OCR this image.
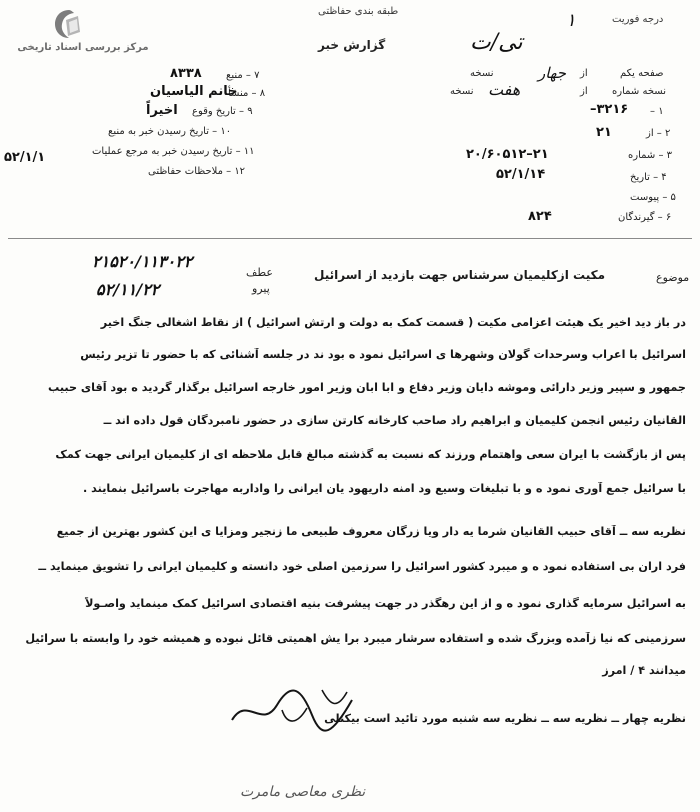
مرکز بررسی اسناد تاریخی
طبقه بندی حفاظتی
گزارش خبر
درجه فوریت
۱
تی/ت
صفحه یکم
از
جهار
نسخه
نسخه شماره
از
هفت
نسخه
۱ –
۳۲۱۶–
۲ – از
۲۱
۳ – شماره
۲۱–۲۰/۶۰۵۱۲
۴ – تاریخ
۵۲/۱/۱۴
۵ – پیوست
۶ – گیرندگان
۸۲۴
۷ – منبع
۸۳۳۸
۸ – منشأ
خانم الیاسیان
۹ – تاریخ وقوع
اخیراً
۱۰ – تاریخ رسیدن خبر به منبع
۱۱ – تاریخ رسیدن خبر به مرجع عملیات
۵۲/۱/۱
۱۲ – ملاحظات حفاظتی
۲۱۵۲۰/۱۱۳۰۲۲
۵۲/۱۱/۲۲
عطف
پیرو
موضوع
مکیت ازکلیمیان سرشناس جهت بازدید از اسرائیل
در باز دید اخیر یک هیئت اعزامی مکیت ( قسمت کمک به دولت و ارتش اسرائیل ) از نقاط اشغالی جنگ اخیر
اسرائیل با اعراب وسرحدات گولان وشهرها ی اسرائیل نمود ه بود ند در جلسه آشنائی که با حضور تا تزیر رئیس
جمهور و سپیر وزیر دارائی وموشه دایان وزیر دفاع و ابا ابان وزیر امور خارجه اسرائیل برگذار گردید ه بود آقای حبیب
القانیان رئیس انجمن کلیمیان و ابراهیم راد صاحب کارخانه کارتن سازی در حضور نامبردگان قول داده اند ــ
پس از بازگشت با ایران سعی واهتمام ورزند که نسبت به گذشته مبالغ قابل ملاحظه ای از کلیمیان ایرانی جهت کمک
با سرائیل جمع آوری نمود ه و با تبلیغات وسیع ود امنه داریهود یان ایرانی را واداربه مهاجرت باسرائیل بنمایند .
نظریه سه ــ آقای حبیب القانیان شرما یه دار ویا زرگان معروف طبیعی ما زنجیر ومزایا ی این کشور بهترین از جمیع
فرد اران بی استفاده نمود ه و میبرد کشور اسرائیل را سرزمین اصلی خود دانسته و کلیمیان ایرانی را تشویق مینماید ــ
به اسرائیل سرمایه گذاری نمود ه و از این رهگذر در جهت پیشرفت بنیه اقتصادی اسرائیل کمک مینماید واصـولاً
سرزمینی که نیا زآمده وبزرگ شده و استفاده سرشار میبرد برا یش اهمیتی قائل نبوده و همیشه خود را وابسته با سرائیل
میدانند ۴ / امرز
نظریه چهار ــ نظریه سه ــ نظریه سه شنبه مورد تائید است بیکنلی
نظری معاصی مامرت
